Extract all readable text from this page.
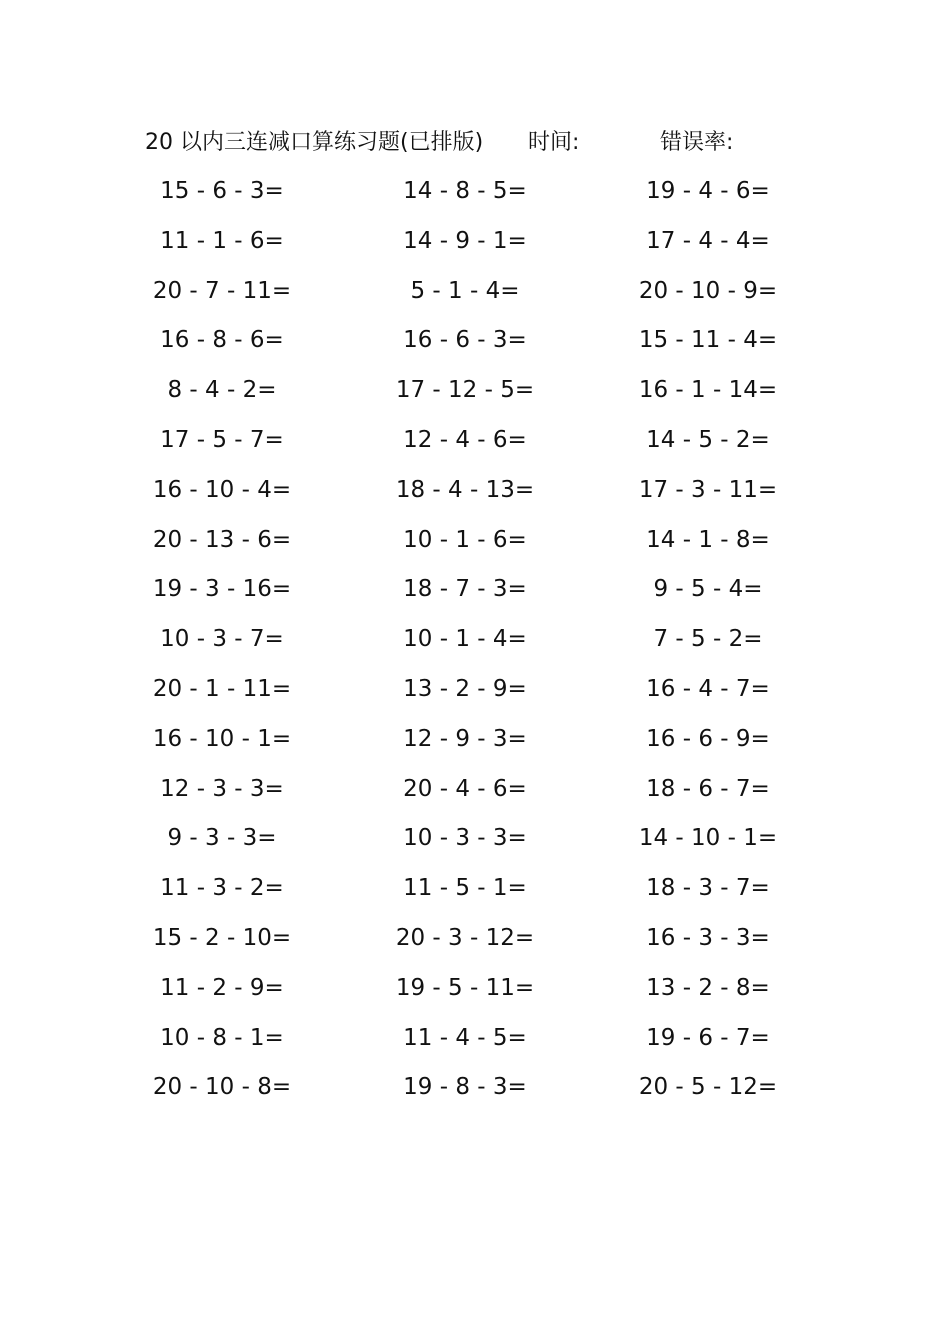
20 以内三连减口算练习题(已排版) 时间:	错误率:
15 - 6 - 3=	14 - 8 - 5=	19 - 4 - 6=
11 - 1 - 6=	14 - 9 - 1=	17 - 4 - 4=
20 - 7 - 11=	5 - 1 - 4=	20 - 10 - 9=
16 - 8 - 6=	16 - 6 - 3=	15 - 11 - 4=
8 - 4 - 2=	17 - 12 - 5=	16 - 1 - 14=
17 - 5 - 7=	12 - 4 - 6=	14 - 5 - 2=
16 - 10 - 4=	18 - 4 - 13=	17 - 3 - 11=
20 - 13 - 6=	10 - 1 - 6=	14 - 1 - 8=
19 - 3 - 16=	18 - 7 - 3=	9 - 5 - 4=
10 - 3 - 7=	10 - 1 - 4=	7 - 5 - 2=
20 - 1 - 11=	13 - 2 - 9=	16 - 4 - 7=
16 - 10 - 1=	12 - 9 - 3=	16 - 6 - 9=
12 - 3 - 3=	20 - 4 - 6=	18 - 6 - 7=
9 - 3 - 3=	10 - 3 - 3=	14 - 10 - 1=
11 - 3 - 2=	11 - 5 - 1=	18 - 3 - 7=
15 - 2 - 10=	20 - 3 - 12=	16 - 3 - 3=
11 - 2 - 9=	19 - 5 - 11=	13 - 2 - 8=
10 - 8 - 1=	11 - 4 - 5=	19 - 6 - 7=
20 - 10 - 8=	19 - 8 - 3=	20 - 5 - 12=
